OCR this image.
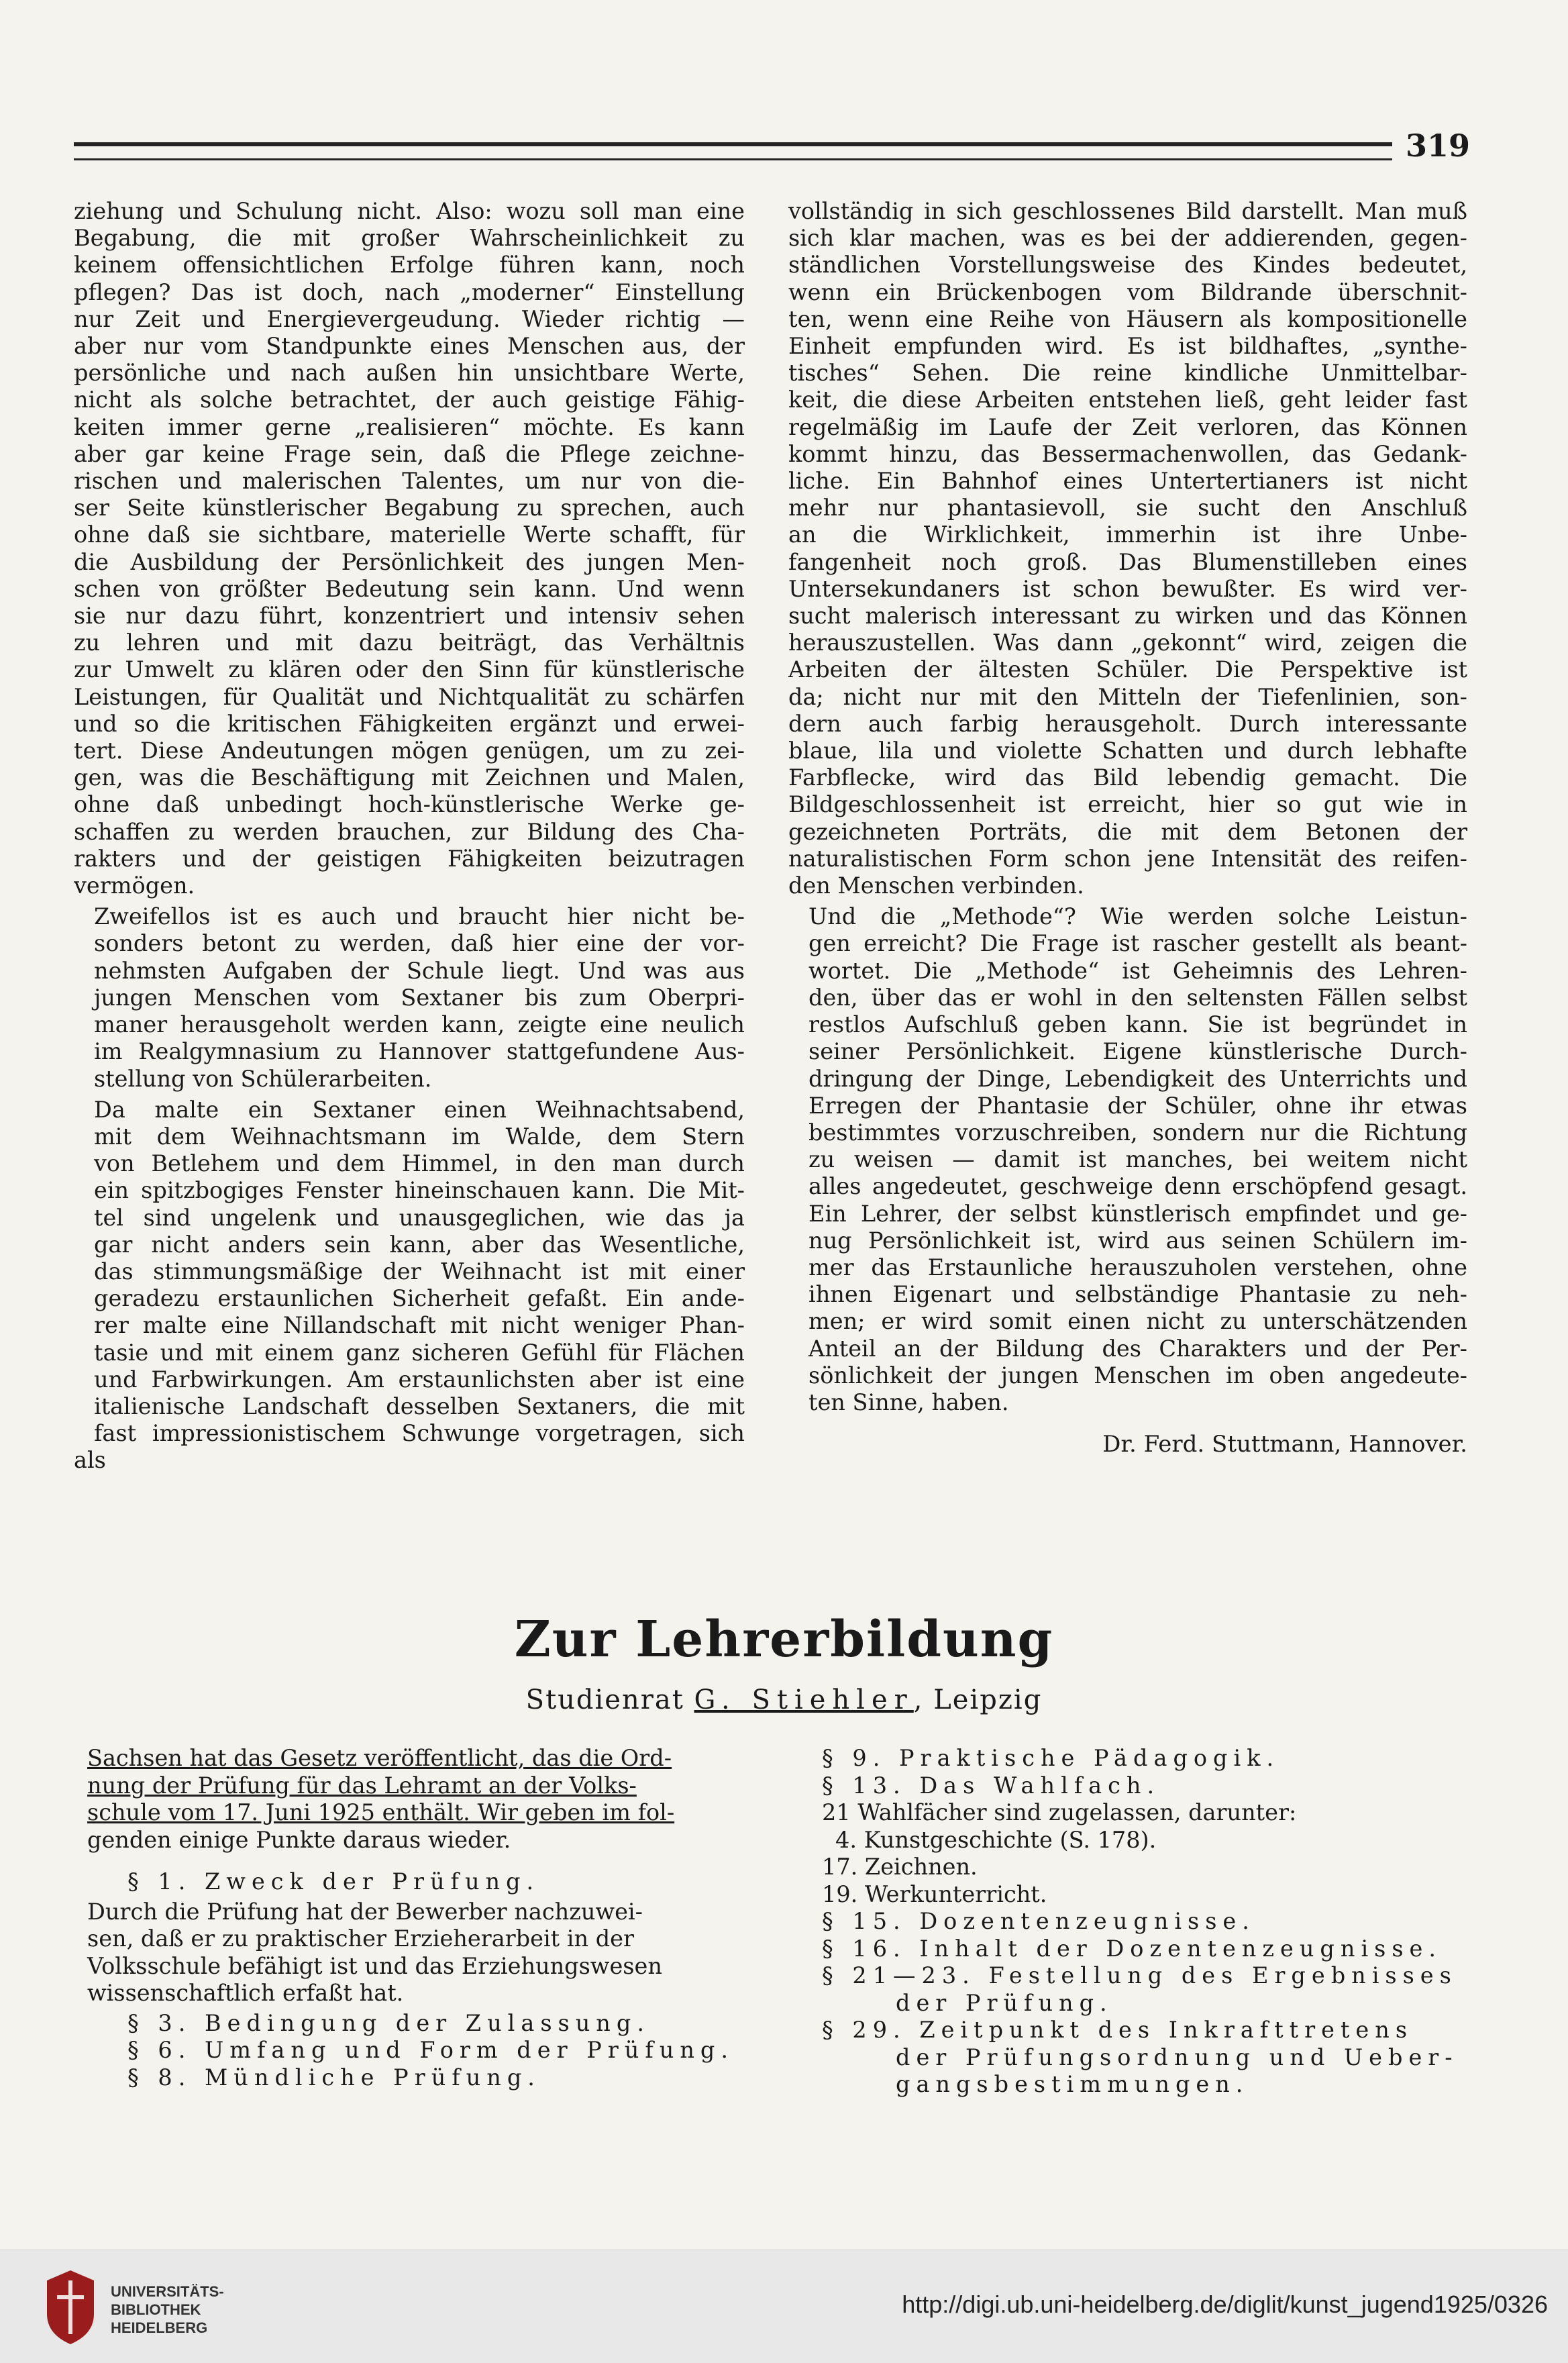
319

ziehung und Schulung nicht. Also: wozu soll man eine
Begabung, die mit großer Wahrscheinlichkeit zu
keinem offensichtlichen Erfolge führen kann, noch
pflegen? Das ist doch, nach „moderner“ Einstellung
nur Zeit und Energievergeudung. Wieder richtig —
aber nur vom Standpunkte eines Menschen aus, der
persönliche und nach außen hin unsichtbare Werte,
nicht als solche betrachtet, der auch geistige Fähig-
keiten immer gerne „realisieren“ möchte. Es kann
aber gar keine Frage sein, daß die Pflege zeichne-
rischen und malerischen Talentes, um nur von die-
ser Seite künstlerischer Begabung zu sprechen, auch
ohne daß sie sichtbare, materielle Werte schafft, für
die Ausbildung der Persönlichkeit des jungen Men-
schen von größter Bedeutung sein kann. Und wenn
sie nur dazu führt, konzentriert und intensiv sehen
zu lehren und mit dazu beiträgt, das Verhältnis
zur Umwelt zu klären oder den Sinn für künstlerische
Leistungen, für Qualität und Nichtqualität zu schärfen
und so die kritischen Fähigkeiten ergänzt und erwei-
tert. Diese Andeutungen mögen genügen, um zu zei-
gen, was die Beschäftigung mit Zeichnen und Malen,
ohne daß unbedingt hoch-künstlerische Werke ge-
schaffen zu werden brauchen, zur Bildung des Cha-
rakters und der geistigen Fähigkeiten beizutragen
vermögen.

Zweifellos ist es auch und braucht hier nicht be-
sonders betont zu werden, daß hier eine der vor-
nehmsten Aufgaben der Schule liegt. Und was aus
jungen Menschen vom Sextaner bis zum Oberpri-
maner herausgeholt werden kann, zeigte eine neulich
im Realgymnasium zu Hannover stattgefundene Aus-
stellung von Schülerarbeiten.

Da malte ein Sextaner einen Weihnachtsabend,
mit dem Weihnachtsmann im Walde, dem Stern
von Betlehem und dem Himmel, in den man durch
ein spitzbogiges Fenster hineinschauen kann. Die Mit-
tel sind ungelenk und unausgeglichen, wie das ja
gar nicht anders sein kann, aber das Wesentliche,
das stimmungsmäßige der Weihnacht ist mit einer
geradezu erstaunlichen Sicherheit gefaßt. Ein ande-
rer malte eine Nillandschaft mit nicht weniger Phan-
tasie und mit einem ganz sicheren Gefühl für Flächen
und Farbwirkungen. Am erstaunlichsten aber ist eine
italienische Landschaft desselben Sextaners, die mit
fast impressionistischem Schwunge vorgetragen, sich als

vollständig in sich geschlossenes Bild darstellt. Man muß
sich klar machen, was es bei der addierenden, gegen-
ständlichen Vorstellungsweise des Kindes bedeutet,
wenn ein Brückenbogen vom Bildrande überschnit-
ten, wenn eine Reihe von Häusern als kompositionelle
Einheit empfunden wird. Es ist bildhaftes, „synthe-
tisches“ Sehen. Die reine kindliche Unmittelbar-
keit, die diese Arbeiten entstehen ließ, geht leider fast
regelmäßig im Laufe der Zeit verloren, das Können
kommt hinzu, das Bessermachenwollen, das Gedank-
liche. Ein Bahnhof eines Untertertianers ist nicht
mehr nur phantasievoll, sie sucht den Anschluß
an die Wirklichkeit, immerhin ist ihre Unbe-
fangenheit noch groß. Das Blumenstilleben eines
Untersekundaners ist schon bewußter. Es wird ver-
sucht malerisch interessant zu wirken und das Können
herauszustellen. Was dann „gekonnt“ wird, zeigen die
Arbeiten der ältesten Schüler. Die Perspektive ist
da; nicht nur mit den Mitteln der Tiefenlinien, son-
dern auch farbig herausgeholt. Durch interessante
blaue, lila und violette Schatten und durch lebhafte
Farbflecke, wird das Bild lebendig gemacht. Die
Bildgeschlossenheit ist erreicht, hier so gut wie in
gezeichneten Porträts, die mit dem Betonen der
naturalistischen Form schon jene Intensität des reifen-
den Menschen verbinden.

Und die „Methode“? Wie werden solche Leistun-
gen erreicht? Die Frage ist rascher gestellt als beant-
wortet. Die „Methode“ ist Geheimnis des Lehren-
den, über das er wohl in den seltensten Fällen selbst
restlos Aufschluß geben kann. Sie ist begründet in
seiner Persönlichkeit. Eigene künstlerische Durch-
dringung der Dinge, Lebendigkeit des Unterrichts und
Erregen der Phantasie der Schüler, ohne ihr etwas
bestimmtes vorzuschreiben, sondern nur die Richtung
zu weisen — damit ist manches, bei weitem nicht
alles angedeutet, geschweige denn erschöpfend gesagt.
Ein Lehrer, der selbst künstlerisch empfindet und ge-
nug Persönlichkeit ist, wird aus seinen Schülern im-
mer das Erstaunliche herauszuholen verstehen, ohne
ihnen Eigenart und selbständige Phantasie zu neh-
men; er wird somit einen nicht zu unterschätzenden
Anteil an der Bildung des Charakters und der Per-
sönlichkeit der jungen Menschen im oben angedeute-
ten Sinne, haben.

Dr. Ferd. Stuttmann, Hannover.
Zur Lehrerbildung
Studienrat G. Stiehler, Leipzig
Sachsen hat das Gesetz veröffentlicht, das die Ord-
nung der Prüfung für das Lehramt an der Volks-
schule vom 17. Juni 1925 enthält. Wir geben im fol-
genden einige Punkte daraus wieder.
§ 1. Zweck der Prüfung.
Durch die Prüfung hat der Bewerber nachzuwei-
sen, daß er zu praktischer Erzieherarbeit in der
Volksschule befähigt ist und das Erziehungswesen
wissenschaftlich erfaßt hat.
§ 3. Bedingung der Zulassung.
§ 6. Umfang und Form der Prüfung.
§ 8. Mündliche Prüfung.
§ 9. Praktische Pädagogik.
§ 13. Das Wahlfach.
21 Wahlfächer sind zugelassen, darunter:
4. Kunstgeschichte (S. 178).
17. Zeichnen.
19. Werkunterricht.
§ 15. Dozentenzeugnisse.
§ 16. Inhalt der Dozentenzeugnisse.
§ 21—23. Festellung des Ergebnisses
der Prüfung.
§ 29. Zeitpunkt des Inkrafttretens
der Prüfungsordnung und Ueber-
gangsbestimmungen.
UNIVERSITÄTS-
BIBLIOTHEK
HEIDELBERG
http://digi.ub.uni-heidelberg.de/diglit/kunst_jugend1925/0326
